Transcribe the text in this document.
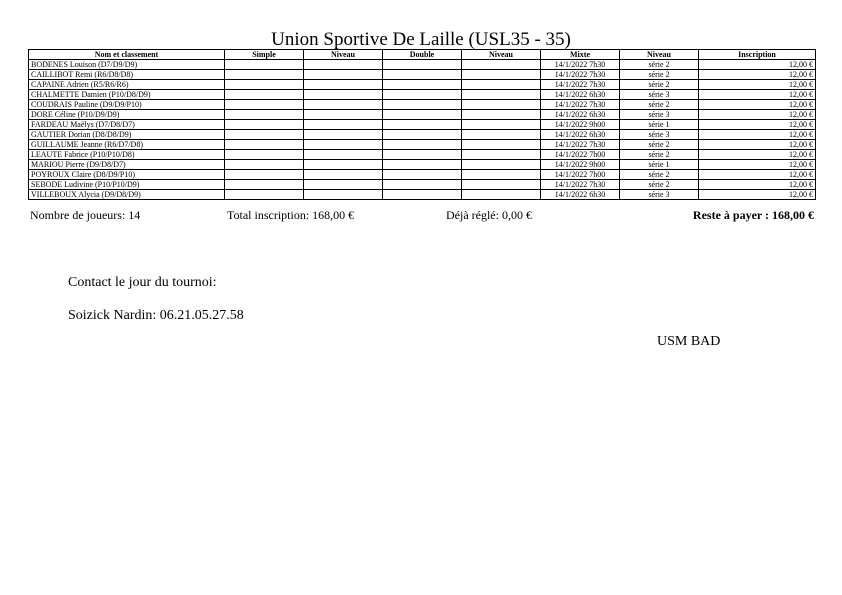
Union Sportive De Laille (USL35 - 35)
Nom et classement	Simple	Niveau	Double	Niveau	Mixte	Niveau	Inscription
BODENES Louison (D7/D9/D9)					14/1/2022 7h30	série 2	12,00 €
CAILLIBOT Remi (R6/D8/D8)					14/1/2022 7h30	série 2	12,00 €
CAPAINE Adrien (R5/R6/R6)					14/1/2022 7h30	série 2	12,00 €
CHALMETTE Damien (P10/D8/D9)					14/1/2022 6h30	série 3	12,00 €
COUDRAIS Pauline (D9/D9/P10)					14/1/2022 7h30	série 2	12,00 €
DORE Céline (P10/D9/D9)					14/1/2022 6h30	série 3	12,00 €
FARDEAU Maëlys (D7/D8/D7)					14/1/2022 9h00	série 1	12,00 €
GAUTIER Dorian (D8/D8/D9)					14/1/2022 6h30	série 3	12,00 €
GUILLAUME Jeanne (R6/D7/D8)					14/1/2022 7h30	série 2	12,00 €
LEAUTE Fabrice (P10/P10/D8)					14/1/2022 7h00	série 2	12,00 €
MARIOU Pierre (D9/D8/D7)					14/1/2022 9h00	série 1	12,00 €
POYROUX Claire (D8/D9/P10)					14/1/2022 7h00	série 2	12,00 €
SEBODE Ludivine (P10/P10/D9)					14/1/2022 7h30	série 2	12,00 €
VILLEBOUX Alycia (D9/D8/D9)					14/1/2022 6h30	série 3	12,00 €
Nombre de joueurs: 14	Total inscription: 168,00 €	Déjà réglé: 0,00 €	Reste à payer : 168,00 €
Contact le jour du tournoi:
Soizick Nardin: 06.21.05.27.58
USM BAD
